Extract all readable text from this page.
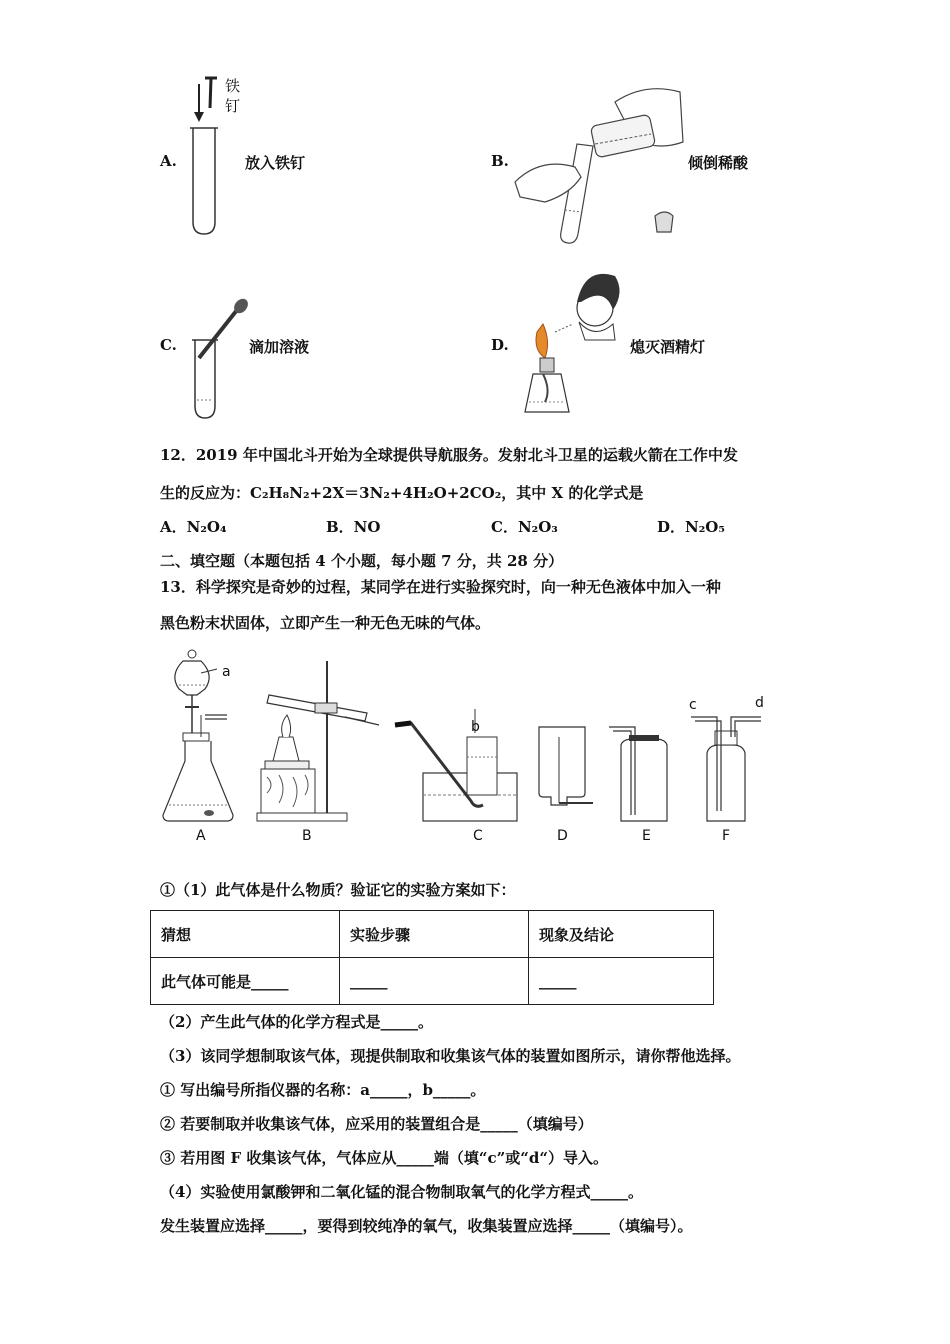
A.
铁
钉
放入铁钉	B.	倾倒稀酸
C.	滴加溶液	D.	熄灭酒精灯
12．2019 年中国北斗开始为全球提供导航服务。发射北斗卫星的运载火箭在工作中发
生的反应为：C₂H₈N₂+2X＝3N₂+4H₂O+2CO₂，其中 X 的化学式是
A．N₂O₄	B．NO	C．N₂O₃	D．N₂O₅
二、填空题（本题包括 4 个小题，每小题 7 分，共 28 分）
13．科学探究是奇妙的过程，某同学在进行实验探究时，向一种无色液体中加入一种
黑色粉末状固体，立即产生一种无色无味的气体。
a
b
c	d
A	B	C	D	E	F
①（1）此气体是什么物质？验证它的实验方案如下：
猜想	实验步骤	现象及结论
此气体可能是_____	_____	_____
（2）产生此气体的化学方程式是_____。
（3）该同学想制取该气体，现提供制取和收集该气体的装置如图所示，请你帮他选择。
① 写出编号所指仪器的名称：a_____，b_____。
② 若要制取并收集该气体，应采用的装置组合是_____（填编号）
③ 若用图 F 收集该气体，气体应从_____端（填“c”或“d“）导入。
（4）实验使用氯酸钾和二氧化锰的混合物制取氧气的化学方程式_____。
发生装置应选择_____，要得到较纯净的氧气，收集装置应选择_____（填编号）。
